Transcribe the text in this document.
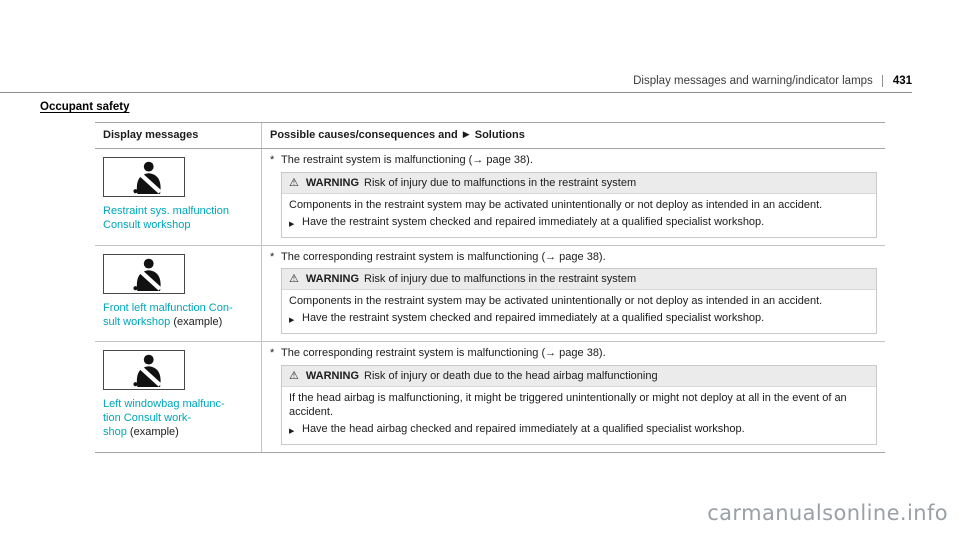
Display messages and warning/indicator lamps 431
Occupant safety
Display messages	Possible causes/consequences and ▶ Solutions
Restraint sys. malfunction
Consult workshop
* The restraint system is malfunctioning (→ page 38).
⚠ WARNING Risk of injury due to malfunctions in the restraint system
Components in the restraint system may be activated unintentionally or not deploy as intended in an accident.
▶ Have the restraint system checked and repaired immediately at a qualified specialist workshop.
Front left malfunction Con-
sult workshop (example)
* The corresponding restraint system is malfunctioning (→ page 38).
⚠ WARNING Risk of injury due to malfunctions in the restraint system
Components in the restraint system may be activated unintentionally or not deploy as intended in an accident.
▶ Have the restraint system checked and repaired immediately at a qualified specialist workshop.
Left windowbag malfunc-
tion Consult work-
shop (example)
* The corresponding restraint system is malfunctioning (→ page 38).
⚠ WARNING Risk of injury or death due to the head airbag malfunctioning
If the head airbag is malfunctioning, it might be triggered unintentionally or might not deploy at all in the event of an accident.
▶ Have the head airbag checked and repaired immediately at a qualified specialist workshop.
carmanualsonline.info
